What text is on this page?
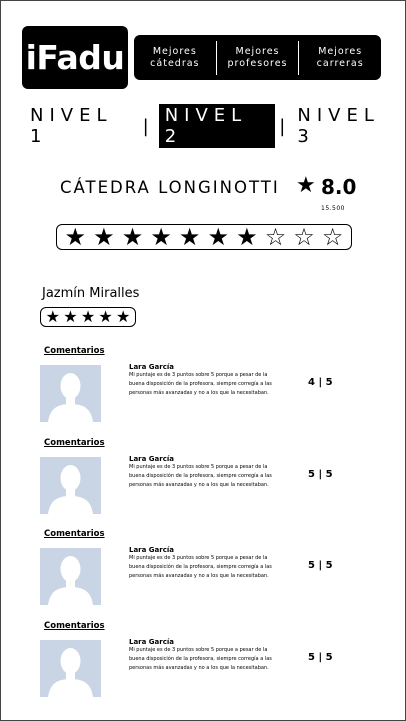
iFadu	Mejores
cátedras
Mejores
profesores
Mejores
carreras
NIVEL 1	| NIVEL 2	| NIVEL 3
CÁTEDRA LONGINOTTI ★ 8.0
15.500
★ ★ ★ ★ ★ ★ ★ ☆ ☆ ☆
Jazmín Miralles
★ ★ ★ ★ ★
Comentarios
Lara García
Mi puntaje es de 3 puntos sobre 5 porque a pesar de la buena disposición de la profesora, siempre corregía a las personas más avanzadas y no a los que la necesitaban.
4 | 5
Comentarios
Lara García
Mi puntaje es de 3 puntos sobre 5 porque a pesar de la buena disposición de la profesora, siempre corregía a las personas más avanzadas y no a los que la necesitaban.
5 | 5
Comentarios
Lara García
Mi puntaje es de 3 puntos sobre 5 porque a pesar de la buena disposición de la profesora, siempre corregía a las personas más avanzadas y no a los que la necesitaban.
5 | 5
Comentarios
Lara García
Mi puntaje es de 3 puntos sobre 5 porque a pesar de la buena disposición de la profesora, siempre corregía a las personas más avanzadas y no a los que la necesitaban.
5 | 5
